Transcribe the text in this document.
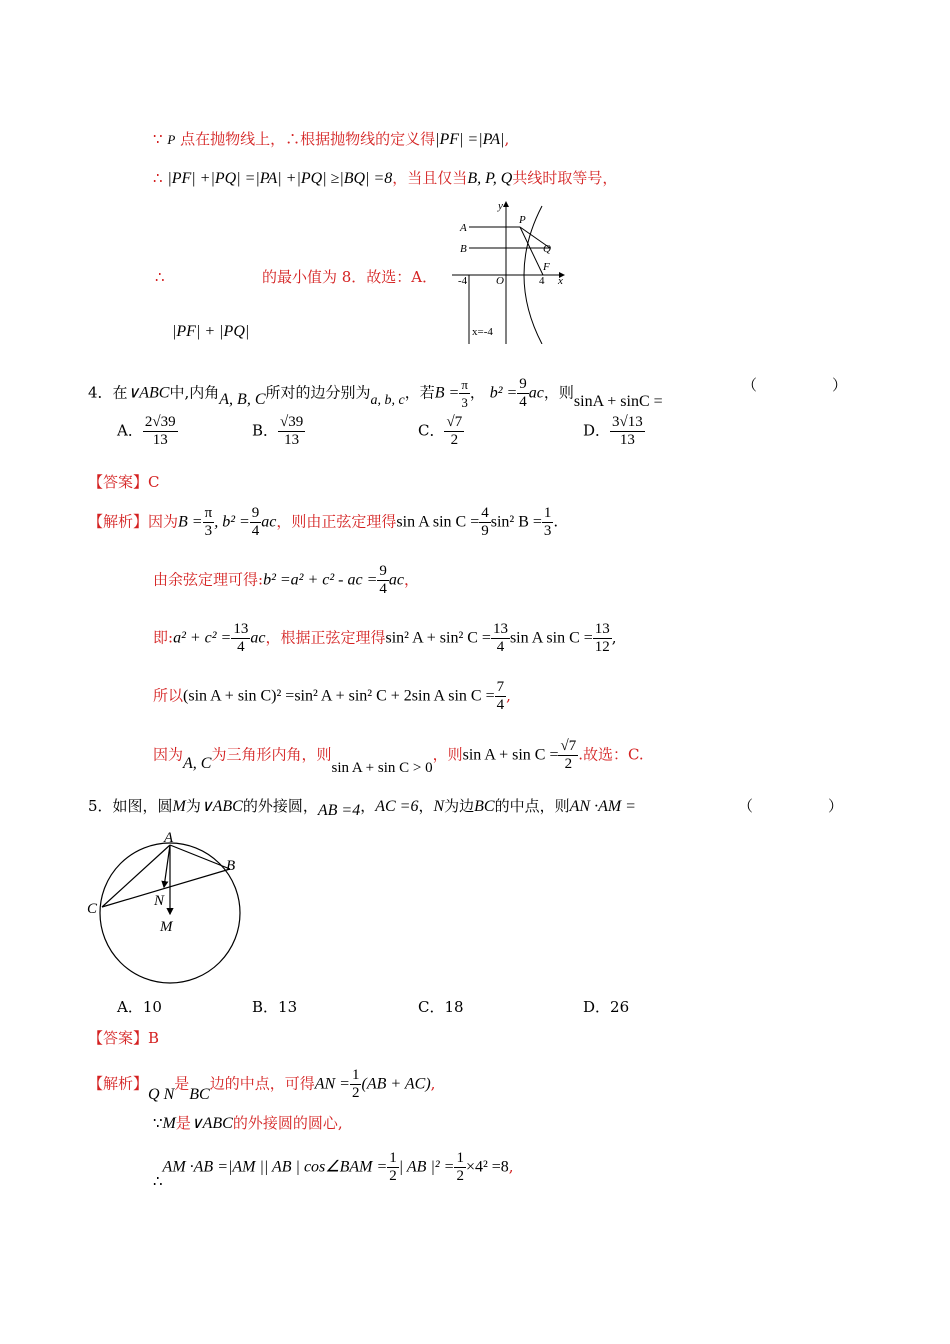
∵ P 点在抛物线上，∴根据抛物线的定义得|PF| =|PA|,
∴ |PF| +|PQ| =|PA| +|PQ| ≥|BQ| =8，当且仅当B, P, Q共线时取等号，
∴	的最小值为 8．故选：A．
|PF| + |PQ|
y
x
A
B
P
Q
F
O
-4	4
x=-4
4．在∨ABC中,内角A, B, C所对的边分别为a, b, c，若$B = \frac{\pi}{3}$ ， $b^2 = \frac{9}{4}$ ac，则sinA + sinC =
（　　　　　）
A． $\frac{2√39}{13}$	B． $\frac{√39}{13}$	C． $\frac{√7}{2}$	D． $\frac{3√13}{13}$
【答案】C
【解析】因为$B = \frac{\pi}{3}$ , $b^2 = \frac{9}{4}$ ac，则由正弦定理得sin A $\sin C = \frac{4}{9} \sin^2$ $B = \frac{1}{3}$ .
由余弦定理可得:b² =a² + c² - ac = $\frac{9}{4}$ ac，
即:a² + $c^2 = \frac{13}{4}$ ac，根据正弦定理得sin² A + sin² $C = \frac{13}{4}$ sin A $\sin C = \frac{13}{12}$ ,
所以(sin A + sin C)² =sin² A + sin² C + 2sin A $\sin C = \frac{7}{4}$ ,
因为A, C为三角形内角，则sin A + sin C > 0，则$\sin A + \sin C = \frac{√7}{2}$ .故选：C.
5．如图，圆M为∨ABC的外接圆，AB =4，AC =6，N为边BC的中点，则AN ·AM =	（　　　　　）
A
B
C	N
M
A．10	B．13	C．18	D．26
【答案】B
【解析】Q N是BC边的中点，可得AN = $\frac{1}{2} (AB + AC)$,
∵M是∨ABC的外接圆的圆心,
∴AM ·AB =|AM || AB | cos∠BAM = $\frac{1}{2}$ | AB $|^2 = \frac{1}{2} \times 4^2 =8$,
